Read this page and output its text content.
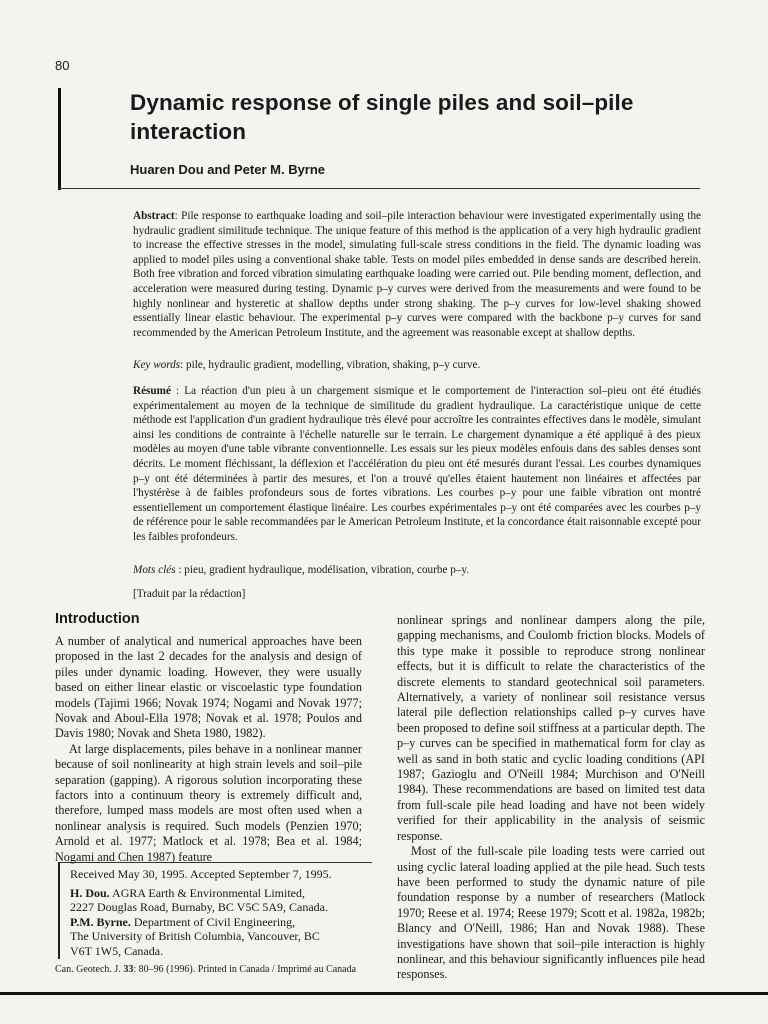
80
Dynamic response of single piles and soil–pile interaction
Huaren Dou and Peter M. Byrne
Abstract: Pile response to earthquake loading and soil–pile interaction behaviour were investigated experimentally using the hydraulic gradient similitude technique. The unique feature of this method is the application of a very high hydraulic gradient to increase the effective stresses in the model, simulating full-scale stress conditions in the field. The dynamic loading was applied to model piles using a conventional shake table. Tests on model piles embedded in dense sands are described herein. Both free vibration and forced vibration simulating earthquake loading were carried out. Pile bending moment, deflection, and acceleration were measured during testing. Dynamic p–y curves were derived from the measurements and were found to be highly nonlinear and hysteretic at shallow depths under strong shaking. The p–y curves for low-level shaking showed essentially linear elastic behaviour. The experimental p–y curves were compared with the backbone p–y curves for sand recommended by the American Petroleum Institute, and the agreement was reasonable except at shallow depths.
Key words: pile, hydraulic gradient, modelling, vibration, shaking, p–y curve.
Résumé : La réaction d'un pieu à un chargement sismique et le comportement de l'interaction sol–pieu ont été étudiés expérimentalement au moyen de la technique de similitude du gradient hydraulique. La caractéristique unique de cette méthode est l'application d'un gradient hydraulique très élevé pour accroître les contraintes effectives dans le modèle, simulant ainsi les conditions de contrainte à l'échelle naturelle sur le terrain. Le chargement dynamique a été appliqué à des pieux modèles au moyen d'une table vibrante conventionnelle. Les essais sur les pieux modèles enfouis dans des sables denses sont décrits. Le moment fléchissant, la déflexion et l'accélération du pieu ont été mesurés durant l'essai. Les courbes dynamiques p–y ont été déterminées à partir des mesures, et l'on a trouvé qu'elles étaient hautement non linéaires et affectées par l'hystérèse à de faibles profondeurs sous de fortes vibrations. Les courbes p–y pour une faible vibration ont montré essentiellement un comportement élastique linéaire. Les courbes expérimentales p–y ont été comparées avec les courbes p–y de référence pour le sable recommandées par le American Petroleum Institute, et la concordance était raisonnable excepté pour les faibles profondeurs.
Mots clés : pieu, gradient hydraulique, modélisation, vibration, courbe p–y.
[Traduit par la rédaction]
Introduction

A number of analytical and numerical approaches have been proposed in the last 2 decades for the analysis and design of piles under dynamic loading. However, they were usually based on either linear elastic or viscoelastic type foundation models (Tajimi 1966; Novak 1974; Nogami and Novak 1977; Novak and Aboul-Ella 1978; Novak et al. 1978; Poulos and Davis 1980; Novak and Sheta 1980, 1982).

At large displacements, piles behave in a nonlinear manner because of soil nonlinearity at high strain levels and soil–pile separation (gapping). A rigorous solution incorporating these factors into a continuum theory is extremely difficult and, therefore, lumped mass models are most often used when a nonlinear analysis is required. Such models (Penzien 1970; Arnold et al. 1977; Matlock et al. 1978; Bea et al. 1984; Nogami and Chen 1987) feature

nonlinear springs and nonlinear dampers along the pile, gapping mechanisms, and Coulomb friction blocks. Models of this type make it possible to reproduce strong nonlinear effects, but it is difficult to relate the characteristics of the discrete elements to standard geotechnical soil parameters. Alternatively, a variety of nonlinear soil resistance versus lateral pile deflection relationships called p–y curves have been proposed to define soil stiffness at a particular depth. The p–y curves can be specified in mathematical form for clay as well as sand in both static and cyclic loading conditions (API 1987; Gazioglu and O'Neill 1984; Murchison and O'Neill 1984). These recommendations are based on limited test data from full-scale pile head loading and have not been widely verified for their applicability in the analysis of seismic response.

Most of the full-scale pile loading tests were carried out using cyclic lateral loading applied at the pile head. Such tests have been performed to study the dynamic nature of pile foundation response by a number of researchers (Matlock 1970; Reese et al. 1974; Reese 1979; Scott et al. 1982a, 1982b; Blancy and O'Neill, 1986; Han and Novak 1988). These investigations have shown that soil–pile interaction is highly nonlinear, and this behaviour significantly influences pile head responses.

Received May 30, 1995. Accepted September 7, 1995.
H. Dou. AGRA Earth & Environmental Limited,
2227 Douglas Road, Burnaby, BC V5C 5A9, Canada.
P.M. Byrne. Department of Civil Engineering,
The University of British Columbia, Vancouver, BC
V6T 1W5, Canada.
Can. Geotech. J. 33: 80–96 (1996). Printed in Canada / Imprimé au Canada
